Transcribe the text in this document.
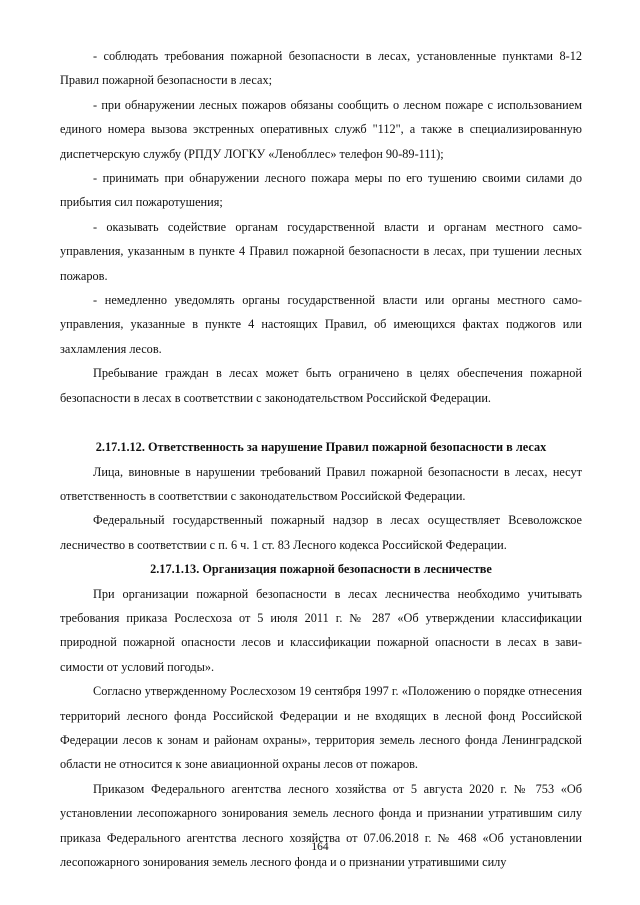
- соблюдать требования пожарной безопасности в лесах, установленные пунктами 8-12 Правил пожарной безопасности в лесах;

- при обнаружении лесных пожаров обязаны сообщить о лесном пожаре с использованием единого номера вызова экстренных оперативных служб "112", а также в специализированную диспетчерскую службу (РПДУ ЛОГКУ «Ленобллес» телефон 90-89-111);

- принимать при обнаружении лесного пожара меры по его тушению своими силами до прибытия сил пожаротушения;

- оказывать содействие органам государственной власти и органам местного самоуправления, указанным в пункте 4 Правил пожарной безопасности в лесах, при тушении лесных пожаров.

- немедленно уведомлять органы государственной власти или органы местного самоуправления, указанные в пункте 4 настоящих Правил, об имеющихся фактах поджогов или захламления лесов.

Пребывание граждан в лесах может быть ограничено в целях обеспечения пожарной безопасности в лесах в соответствии с законодательством Российской Федерации.

2.17.1.12. Ответственность за нарушение Правил пожарной безопасности в лесах

Лица, виновные в нарушении требований Правил пожарной безопасности в лесах, несут ответственность в соответствии с законодательством Российской Федерации.

Федеральный государственный пожарный надзор в лесах осуществляет Всеволожское лесничество в соответствии с п. 6 ч. 1 ст. 83 Лесного кодекса Российской Федерации.

2.17.1.13. Организация пожарной безопасности в лесничестве

При организации пожарной безопасности в лесах лесничества необходимо учитывать требования приказа Рослесхоза от 5 июля 2011 г. № 287 «Об утверждении классификации природной пожарной опасности лесов и классификации пожарной опасности в лесах в зависимости от условий погоды».

Согласно утвержденному Рослесхозом 19 сентября 1997 г. «Положению о порядке отнесения территорий лесного фонда Российской Федерации и не входящих в лесной фонд Российской Федерации лесов к зонам и районам охраны», территория земель лесного фонда Ленинградской области не относится к зоне авиационной охраны лесов от пожаров.

Приказом Федерального агентства лесного хозяйства от 5 августа 2020 г. № 753 «Об установлении лесопожарного зонирования земель лесного фонда и признании утратившим силу приказа Федерального агентства лесного хозяйства от 07.06.2018 г. № 468 «Об установлении лесопожарного зонирования земель лесного фонда и о признании утратившими силу

164
